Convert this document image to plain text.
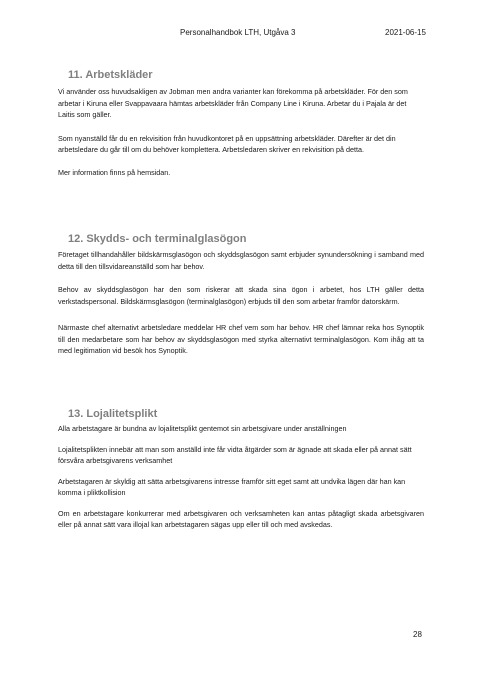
Personalhandbok LTH, Utgåva 3	2021-06-15
11. Arbetskläder

Vi använder oss huvudsakligen av Jobman men andra varianter kan förekomma på arbetskläder. För den som arbetar i Kiruna eller Svappavaara hämtas arbetskläder från Company Line i Kiruna. Arbetar du i Pajala är det Laitis som gäller.

Som nyanställd får du en rekvisition från huvudkontoret på en uppsättning arbetskläder. Därefter är det din arbetsledare du går till om du behöver komplettera. Arbetsledaren skriver en rekvisition på detta.

Mer information finns på hemsidan.

12. Skydds- och terminalglasögon

Företaget tillhandahåller bildskärmsglasögon och skyddsglasögon samt erbjuder synundersökning i samband med detta till den tillsvidareanställd som har behov.

Behov av skyddsglasögon har den som riskerar att skada sina ögon i arbetet, hos LTH gäller detta verkstadspersonal. Bildskärmsglasögon (terminalglasögon) erbjuds till den som arbetar framför datorskärm.

Närmaste chef alternativt arbetsledare meddelar HR chef vem som har behov. HR chef lämnar reka hos Synoptik till den medarbetare som har behov av skyddsglasögon med styrka alternativt terminalglasögon. Kom ihåg att ta med legitimation vid besök hos Synoptik.

13. Lojalitetsplikt

Alla arbetstagare är bundna av lojalitetsplikt gentemot sin arbetsgivare under anställningen

Lojalitetsplikten innebär att man som anställd inte får vidta åtgärder som är ägnade att skada eller på annat sätt försvåra arbetsgivarens verksamhet

Arbetstagaren är skyldig att sätta arbetsgivarens intresse framför sitt eget samt att undvika lägen där han kan komma i pliktkollision

Om en arbetstagare konkurrerar med arbetsgivaren och verksamheten kan antas påtagligt skada arbetsgivaren eller på annat sätt vara illojal kan arbetstagaren sägas upp eller till och med avskedas.

28
